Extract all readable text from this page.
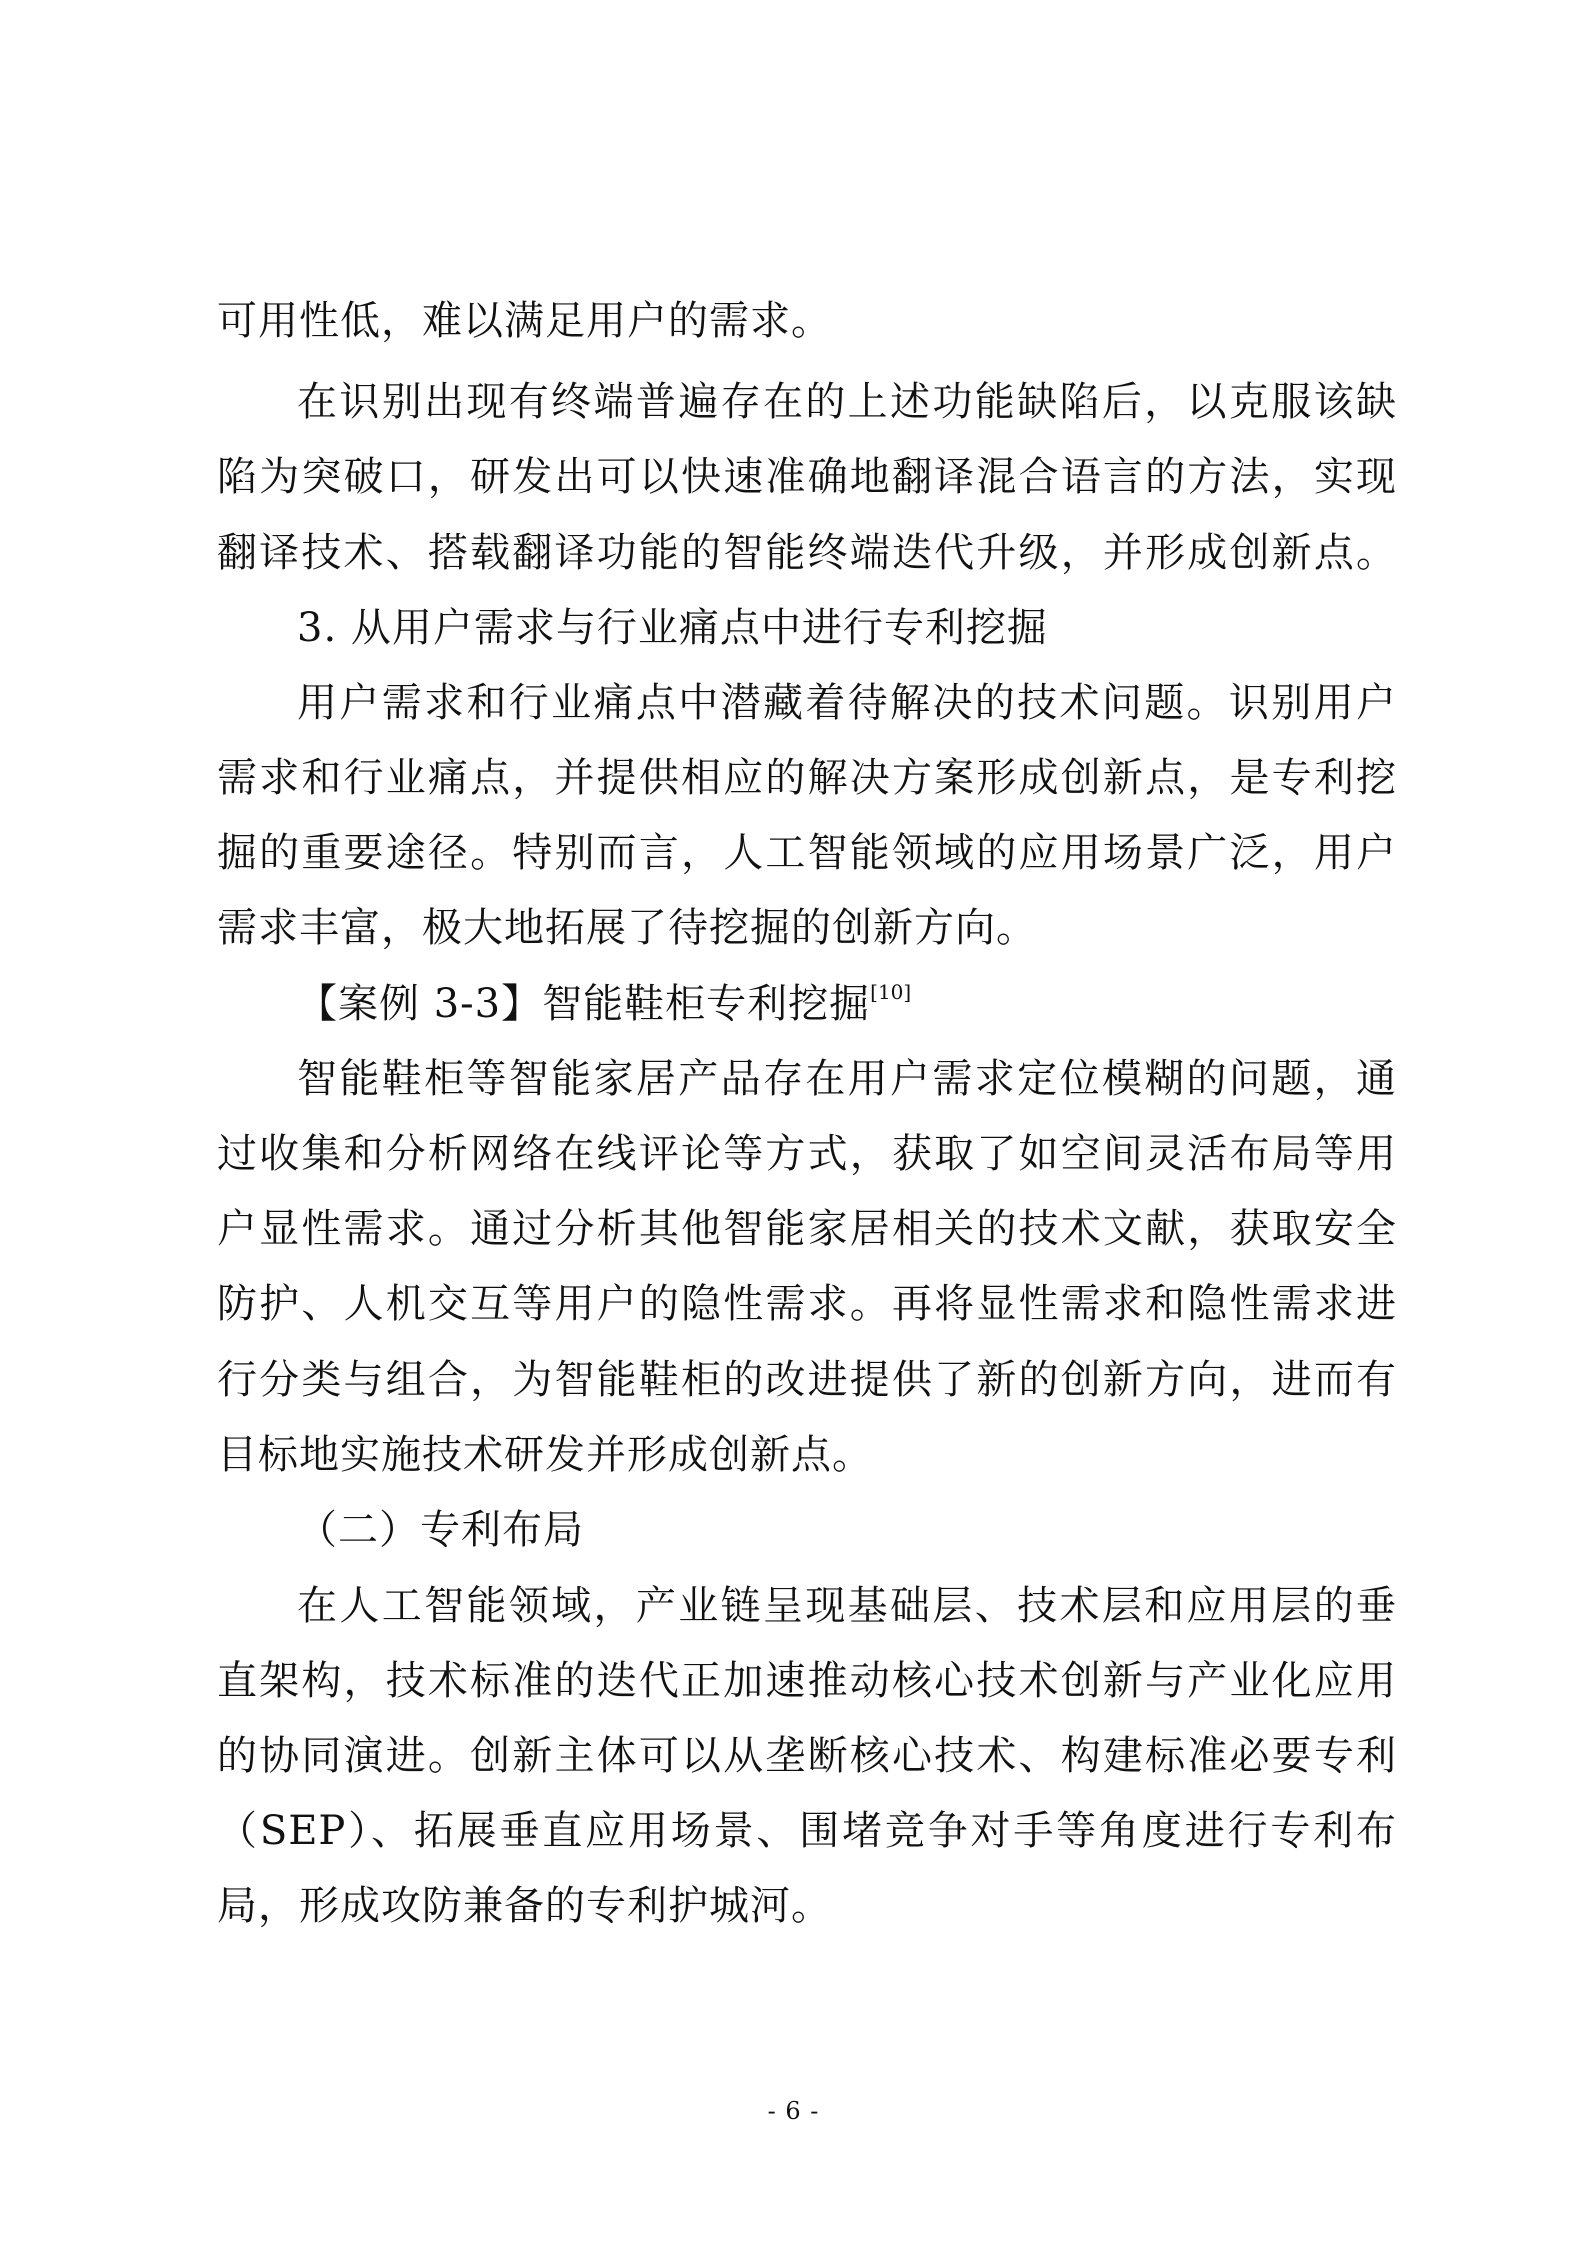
可用性低，难以满足用户的需求。
在识别出现有终端普遍存在的上述功能缺陷后，以克服该缺
陷为突破口，研发出可以快速准确地翻译混合语言的方法，实现
翻译技术、搭载翻译功能的智能终端迭代升级，并形成创新点。
3. 从用户需求与行业痛点中进行专利挖掘
用户需求和行业痛点中潜藏着待解决的技术问题。识别用户
需求和行业痛点，并提供相应的解决方案形成创新点，是专利挖
掘的重要途径。特别而言，人工智能领域的应用场景广泛，用户
需求丰富，极大地拓展了待挖掘的创新方向。
【案例 3-3】智能鞋柜专利挖掘[10]
智能鞋柜等智能家居产品存在用户需求定位模糊的问题，通
过收集和分析网络在线评论等方式，获取了如空间灵活布局等用
户显性需求。通过分析其他智能家居相关的技术文献，获取安全
防护、人机交互等用户的隐性需求。再将显性需求和隐性需求进
行分类与组合，为智能鞋柜的改进提供了新的创新方向，进而有
目标地实施技术研发并形成创新点。
（二）专利布局
在人工智能领域，产业链呈现基础层、技术层和应用层的垂
直架构，技术标准的迭代正加速推动核心技术创新与产业化应用
的协同演进。创新主体可以从垄断核心技术、构建标准必要专利
（SEP）、拓展垂直应用场景、围堵竞争对手等角度进行专利布
局，形成攻防兼备的专利护城河。
- 6 -
